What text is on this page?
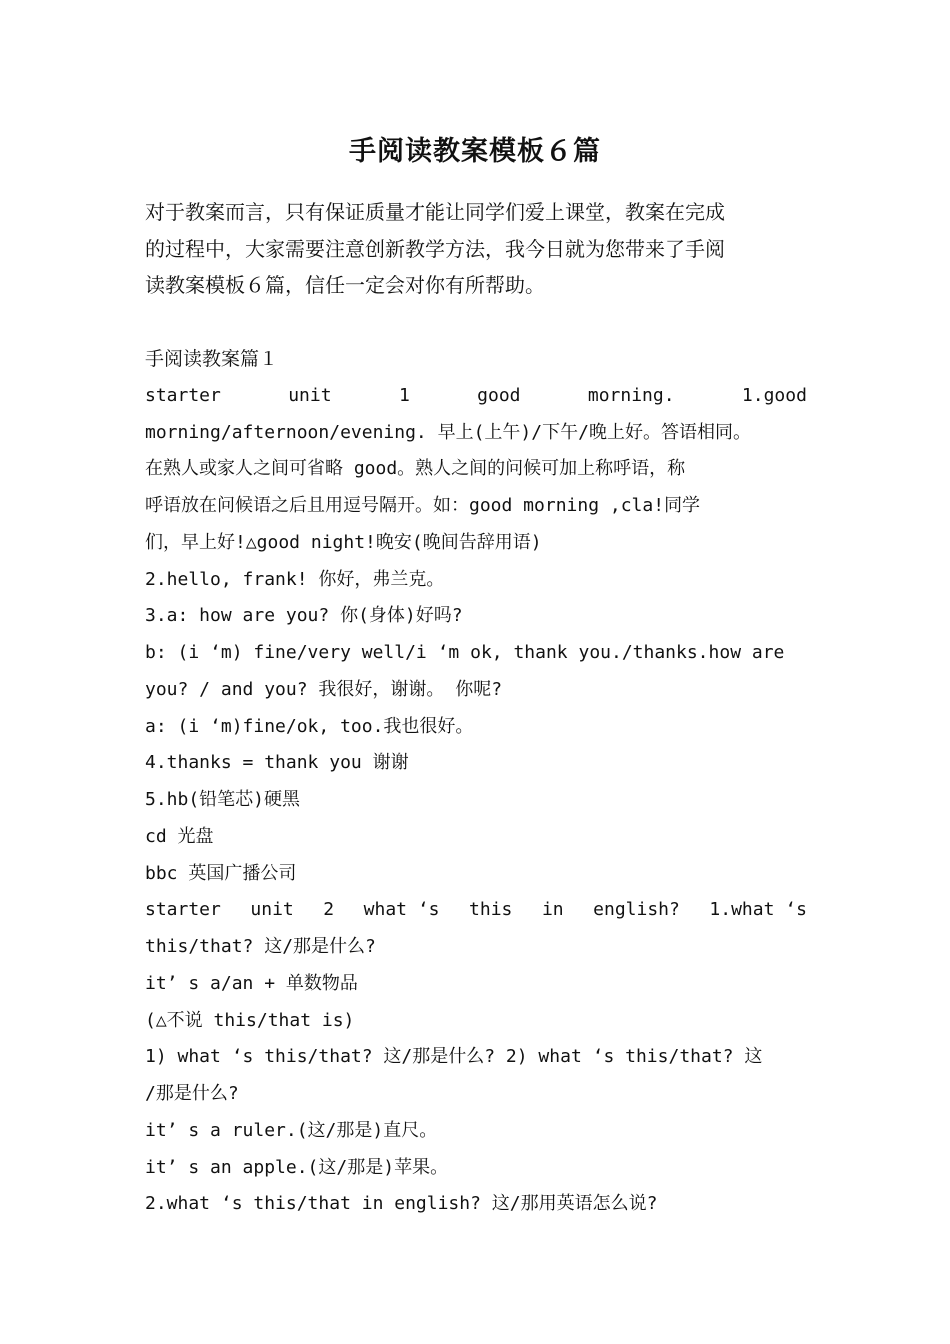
手阅读教案模板６篇
对于教案而言，只有保证质量才能让同学们爱上课堂，教案在完成
的过程中，大家需要注意创新教学方法，我今日就为您带来了手阅
读教案模板６篇，信任一定会对你有所帮助。
手阅读教案篇１
starter	unit	1	good	morning.	1.good
morning/afternoon/evening. 早上(上午)/下午/晚上好。答语相同。
在熟人或家人之间可省略 good。熟人之间的问候可加上称呼语，称
呼语放在问候语之后且用逗号隔开。如：good morning ,cla!同学
们，早上好!△good night!晚安(晚间告辞用语)
2.hello, frank! 你好，弗兰克。
3.a: how are you? 你(身体)好吗?
b: (i ‘m) fine/very well/i ‘m ok, thank you./thanks.how are
you? / and you? 我很好，谢谢。 你呢?
a: (i ‘m)fine/ok, too.我也很好。
4.thanks = thank you 谢谢
5.hb(铅笔芯)硬黑
cd 光盘
bbc 英国广播公司
starter unit 2 what ‘s this in english? 1.what ‘s
this/that? 这/那是什么?
it’ s a/an + 单数物品
(△不说 this/that is)
1) what ‘s this/that? 这/那是什么? 2) what ‘s this/that? 这
/那是什么?
it’ s a ruler.(这/那是)直尺。
it’ s an apple.(这/那是)苹果。
2.what ‘s this/that in english? 这/那用英语怎么说?
